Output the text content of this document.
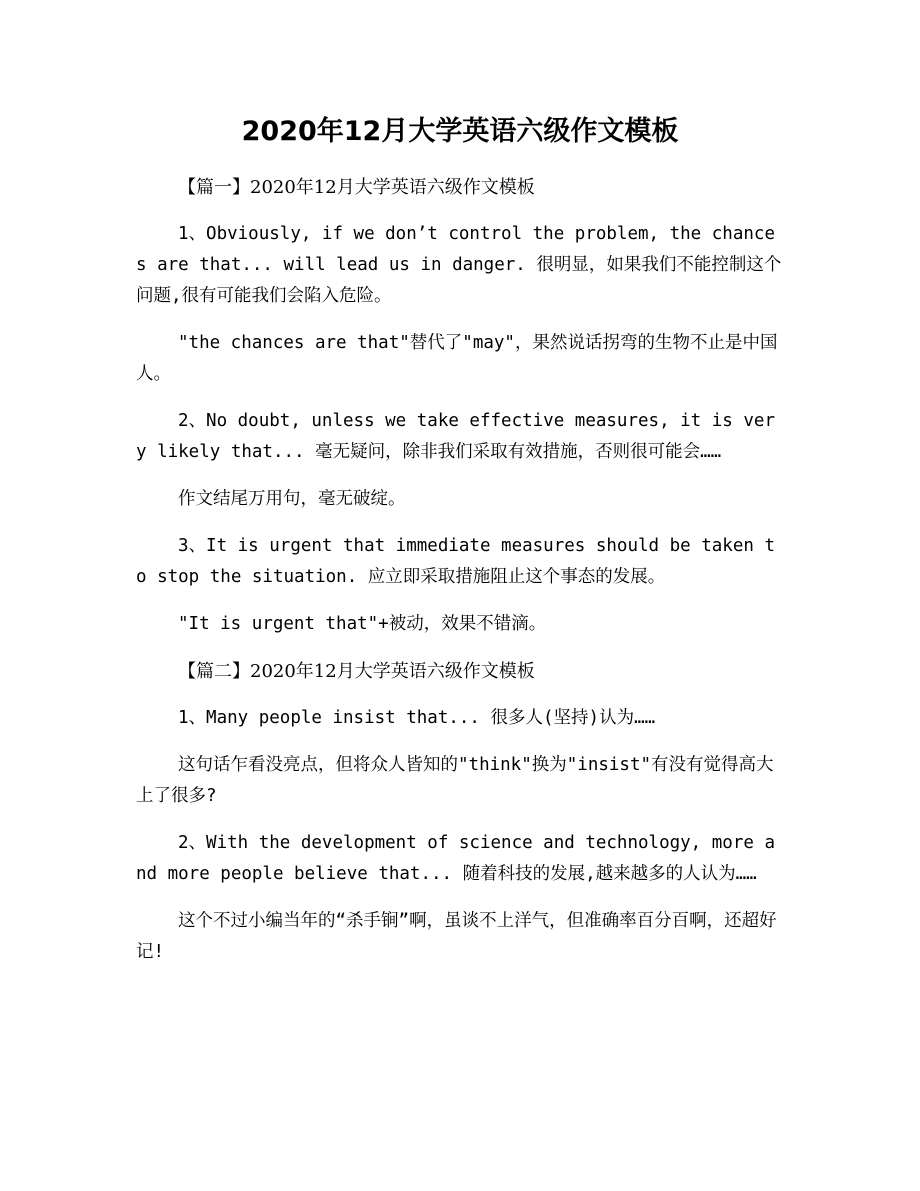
2020年12月大学英语六级作文模板

【篇一】2020年12月大学英语六级作文模板

1、Obviously, if we don’t control the problem, the chances are that... will lead us in danger. 很明显，如果我们不能控制这个问题,很有可能我们会陷入危险。

"the chances are that"替代了"may"，果然说话拐弯的生物不止是中国人。

2、No doubt, unless we take effective measures, it is very likely that... 毫无疑问，除非我们采取有效措施，否则很可能会……

作文结尾万用句，毫无破绽。

3、It is urgent that immediate measures should be taken to stop the situation. 应立即采取措施阻止这个事态的发展。

"It is urgent that"+被动，效果不错滴。

【篇二】2020年12月大学英语六级作文模板

1、Many people insist that... 很多人(坚持)认为……

这句话乍看没亮点，但将众人皆知的"think"换为"insist"有没有觉得高大上了很多?

2、With the development of science and technology, more and more people believe that... 随着科技的发展,越来越多的人认为……

这个不过小编当年的“杀手锏”啊，虽谈不上洋气，但准确率百分百啊，还超好记!
